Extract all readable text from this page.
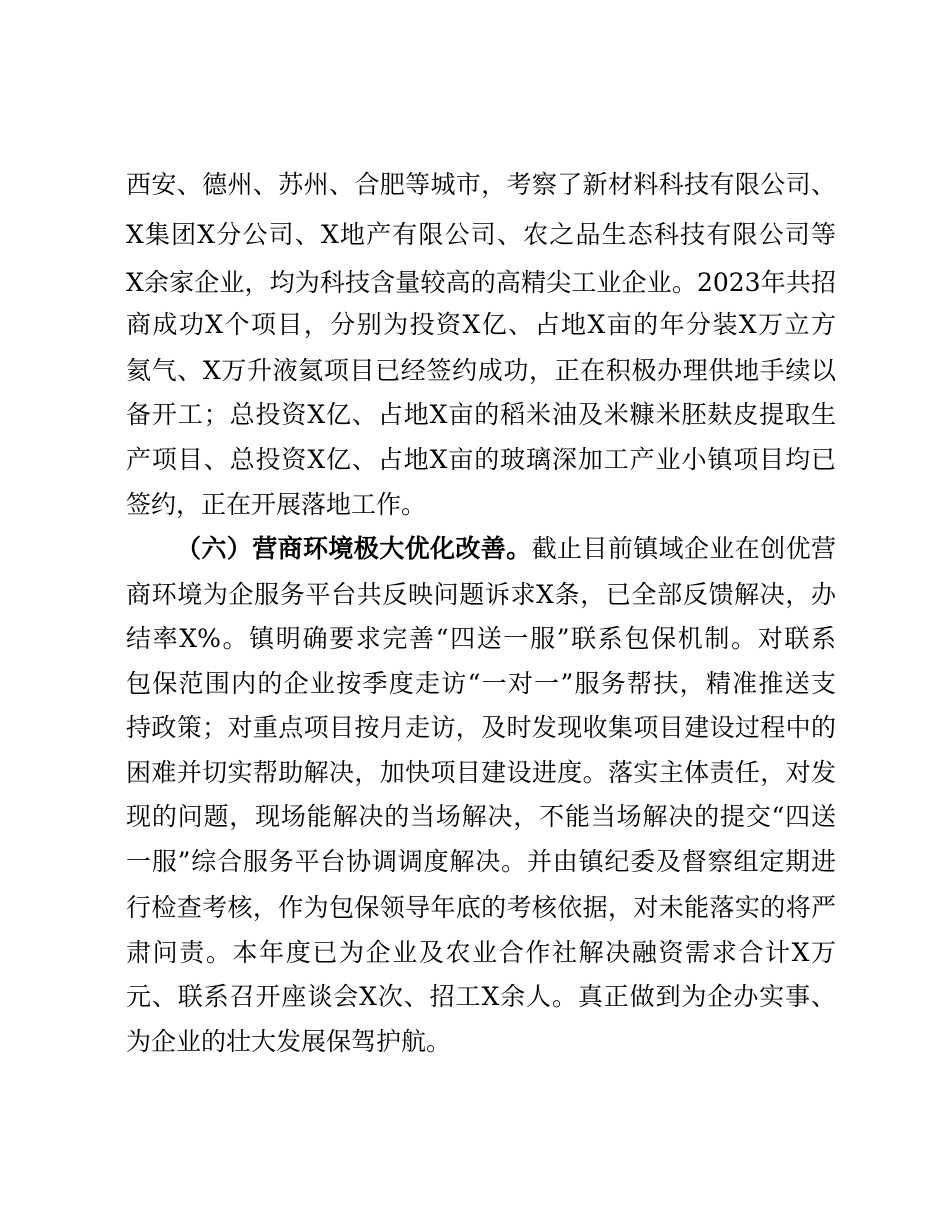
西安、德州、苏州、合肥等城市，考察了新材料科技有限公司、
X集团X分公司、X地产有限公司、农之品生态科技有限公司等
X余家企业，均为科技含量较高的高精尖工业企业。2023年共招
商成功X个项目，分别为投资X亿、占地X亩的年分装X万立方
氦气、X万升液氦项目已经签约成功，正在积极办理供地手续以
备开工；总投资X亿、占地X亩的稻米油及米糠米胚麸皮提取生
产项目、总投资X亿、占地X亩的玻璃深加工产业小镇项目均已
签约，正在开展落地工作。
（六）营商环境极大优化改善。截止目前镇域企业在创优营
商环境为企服务平台共反映问题诉求X条，已全部反馈解决，办
结率X%。镇明确要求完善“四送一服”联系包保机制。对联系
包保范围内的企业按季度走访“一对一”服务帮扶，精准推送支
持政策；对重点项目按月走访，及时发现收集项目建设过程中的
困难并切实帮助解决，加快项目建设进度。落实主体责任，对发
现的问题，现场能解决的当场解决，不能当场解决的提交“四送
一服”综合服务平台协调调度解决。并由镇纪委及督察组定期进
行检查考核，作为包保领导年底的考核依据，对未能落实的将严
肃问责。本年度已为企业及农业合作社解决融资需求合计X万
元、联系召开座谈会X次、招工X余人。真正做到为企办实事、
为企业的壮大发展保驾护航。
